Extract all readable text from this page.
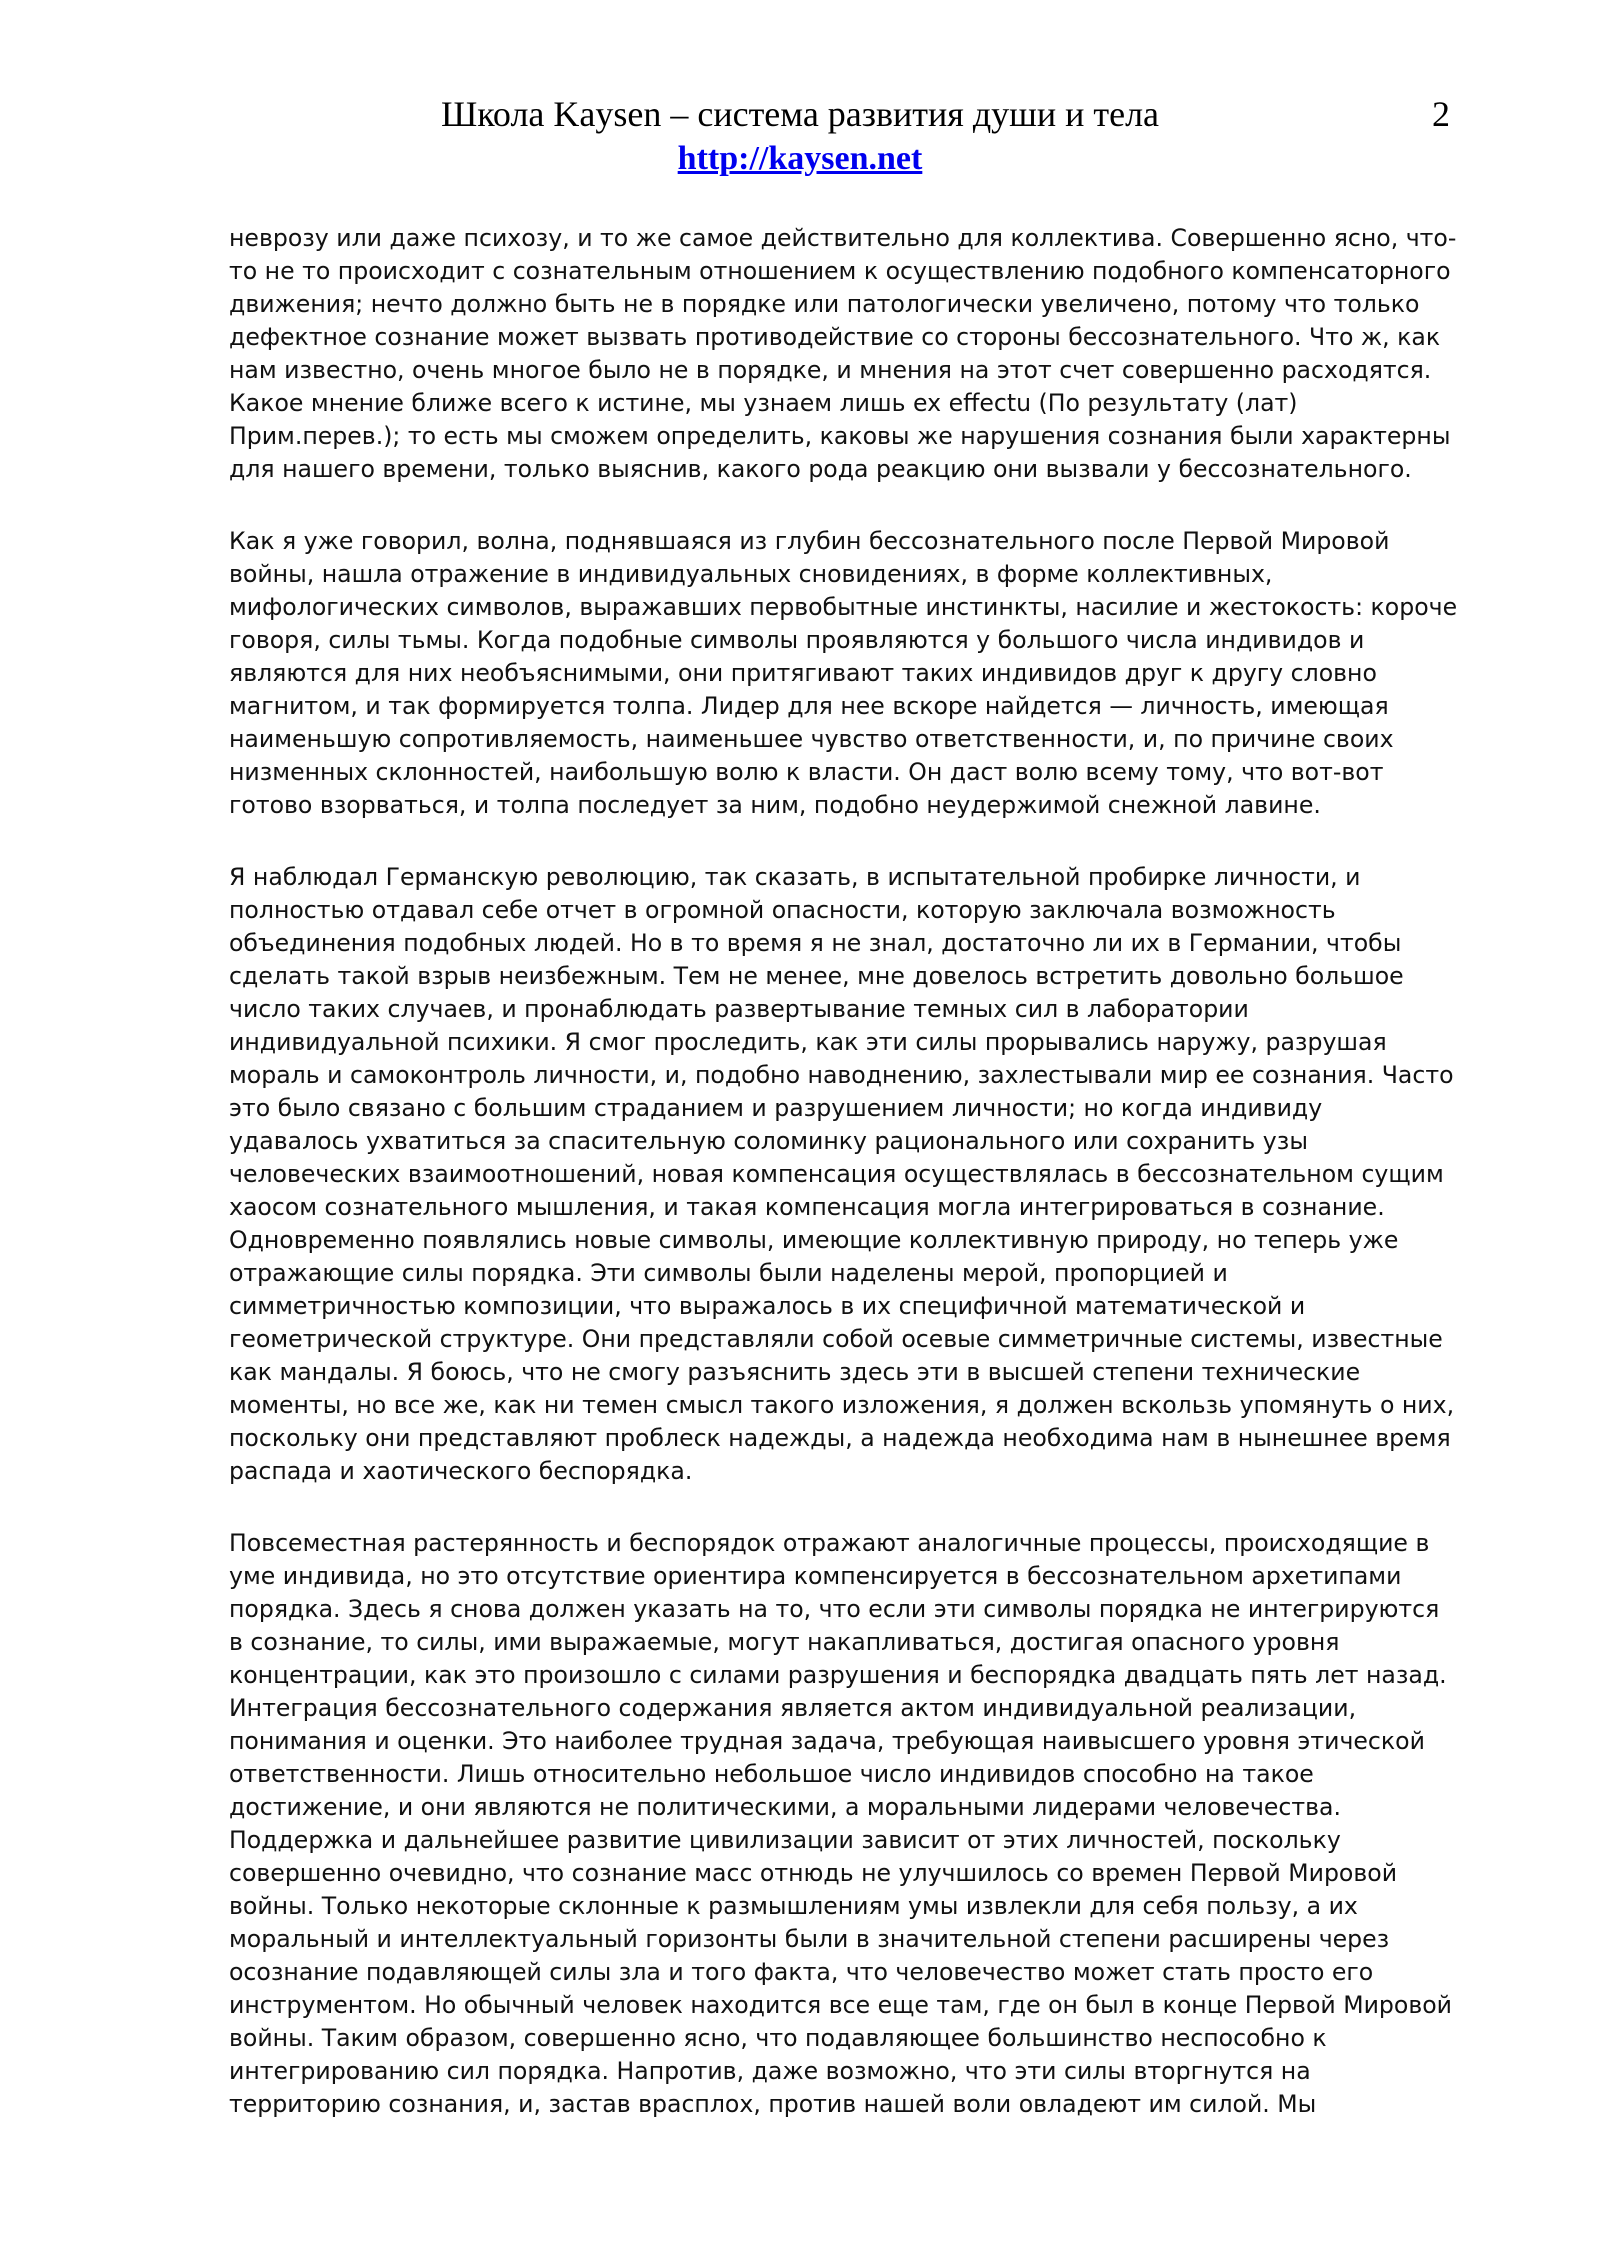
Школа Kaysen – система развития души и тела
http://kaysen.net
2

неврозу или даже психозу, и то же самое действительно для коллектива. Совершенно ясно, что-то не то происходит с сознательным отношением к осуществлению подобного компенсаторного движения; нечто должно быть не в порядке или патологически увеличено, потому что только дефектное сознание может вызвать противодействие со стороны бессознательного. Что ж, как нам известно, очень многое было не в порядке, и мнения на этот счет совершенно расходятся. Какое мнение ближе всего к истине, мы узнаем лишь ex effectu (По результату (лат) Прим.перев.); то есть мы сможем определить, каковы же нарушения сознания были характерны для нашего времени, только выяснив, какого рода реакцию они вызвали у бессознательного.

Как я уже говорил, волна, поднявшаяся из глубин бессознательного после Первой Мировой войны, нашла отражение в индивидуальных сновидениях, в форме коллективных, мифологических символов, выражавших первобытные инстинкты, насилие и жестокость: короче говоря, силы тьмы. Когда подобные символы проявляются у большого числа индивидов и являются для них необъяснимыми, они притягивают таких индивидов друг к другу словно магнитом, и так формируется толпа. Лидер для нее вскоре найдется — личность, имеющая наименьшую сопротивляемость, наименьшее чувство ответственности, и, по причине своих низменных склонностей, наибольшую волю к власти. Он даст волю всему тому, что вот-вот готово взорваться, и толпа последует за ним, подобно неудержимой снежной лавине.

Я наблюдал Германскую революцию, так сказать, в испытательной пробирке личности, и полностью отдавал себе отчет в огромной опасности, которую заключала возможность объединения подобных людей. Но в то время я не знал, достаточно ли их в Германии, чтобы сделать такой взрыв неизбежным. Тем не менее, мне довелось встретить довольно большое число таких случаев, и пронаблюдать развертывание темных сил в лаборатории индивидуальной психики. Я смог проследить, как эти силы прорывались наружу, разрушая мораль и самоконтроль личности, и, подобно наводнению, захлестывали мир ее сознания. Часто это было связано с большим страданием и разрушением личности; но когда индивиду удавалось ухватиться за спасительную соломинку рационального или сохранить узы человеческих взаимоотношений, новая компенсация осуществлялась в бессознательном сущим хаосом сознательного мышления, и такая компенсация могла интегрироваться в сознание. Одновременно появлялись новые символы, имеющие коллективную природу, но теперь уже отражающие силы порядка. Эти символы были наделены мерой, пропорцией и симметричностью композиции, что выражалось в их специфичной математической и геометрической структуре. Они представляли собой осевые симметричные системы, известные как мандалы. Я боюсь, что не смогу разъяснить здесь эти в высшей степени технические моменты, но все же, как ни темен смысл такого изложения, я должен вскользь упомянуть о них, поскольку они представляют проблеск надежды, а надежда необходима нам в нынешнее время распада и хаотического беспорядка.

Повсеместная растерянность и беспорядок отражают аналогичные процессы, происходящие в уме индивида, но это отсутствие ориентира компенсируется в бессознательном архетипами порядка. Здесь я снова должен указать на то, что если эти символы порядка не интегрируются в сознание, то силы, ими выражаемые, могут накапливаться, достигая опасного уровня концентрации, как это произошло с силами разрушения и беспорядка двадцать пять лет назад. Интеграция бессознательного содержания является актом индивидуальной реализации, понимания и оценки. Это наиболее трудная задача, требующая наивысшего уровня этической ответственности. Лишь относительно небольшое число индивидов способно на такое достижение, и они являются не политическими, а моральными лидерами человечества. Поддержка и дальнейшее развитие цивилизации зависит от этих личностей, поскольку совершенно очевидно, что сознание масс отнюдь не улучшилось со времен Первой Мировой войны. Только некоторые склонные к размышлениям умы извлекли для себя пользу, а их моральный и интеллектуальный горизонты были в значительной степени расширены через осознание подавляющей силы зла и того факта, что человечество может стать просто его инструментом. Но обычный человек находится все еще там, где он был в конце Первой Мировой войны. Таким образом, совершенно ясно, что подавляющее большинство неспособно к интегрированию сил порядка. Напротив, даже возможно, что эти силы вторгнутся на территорию сознания, и, застав врасплох, против нашей воли овладеют им силой. Мы
